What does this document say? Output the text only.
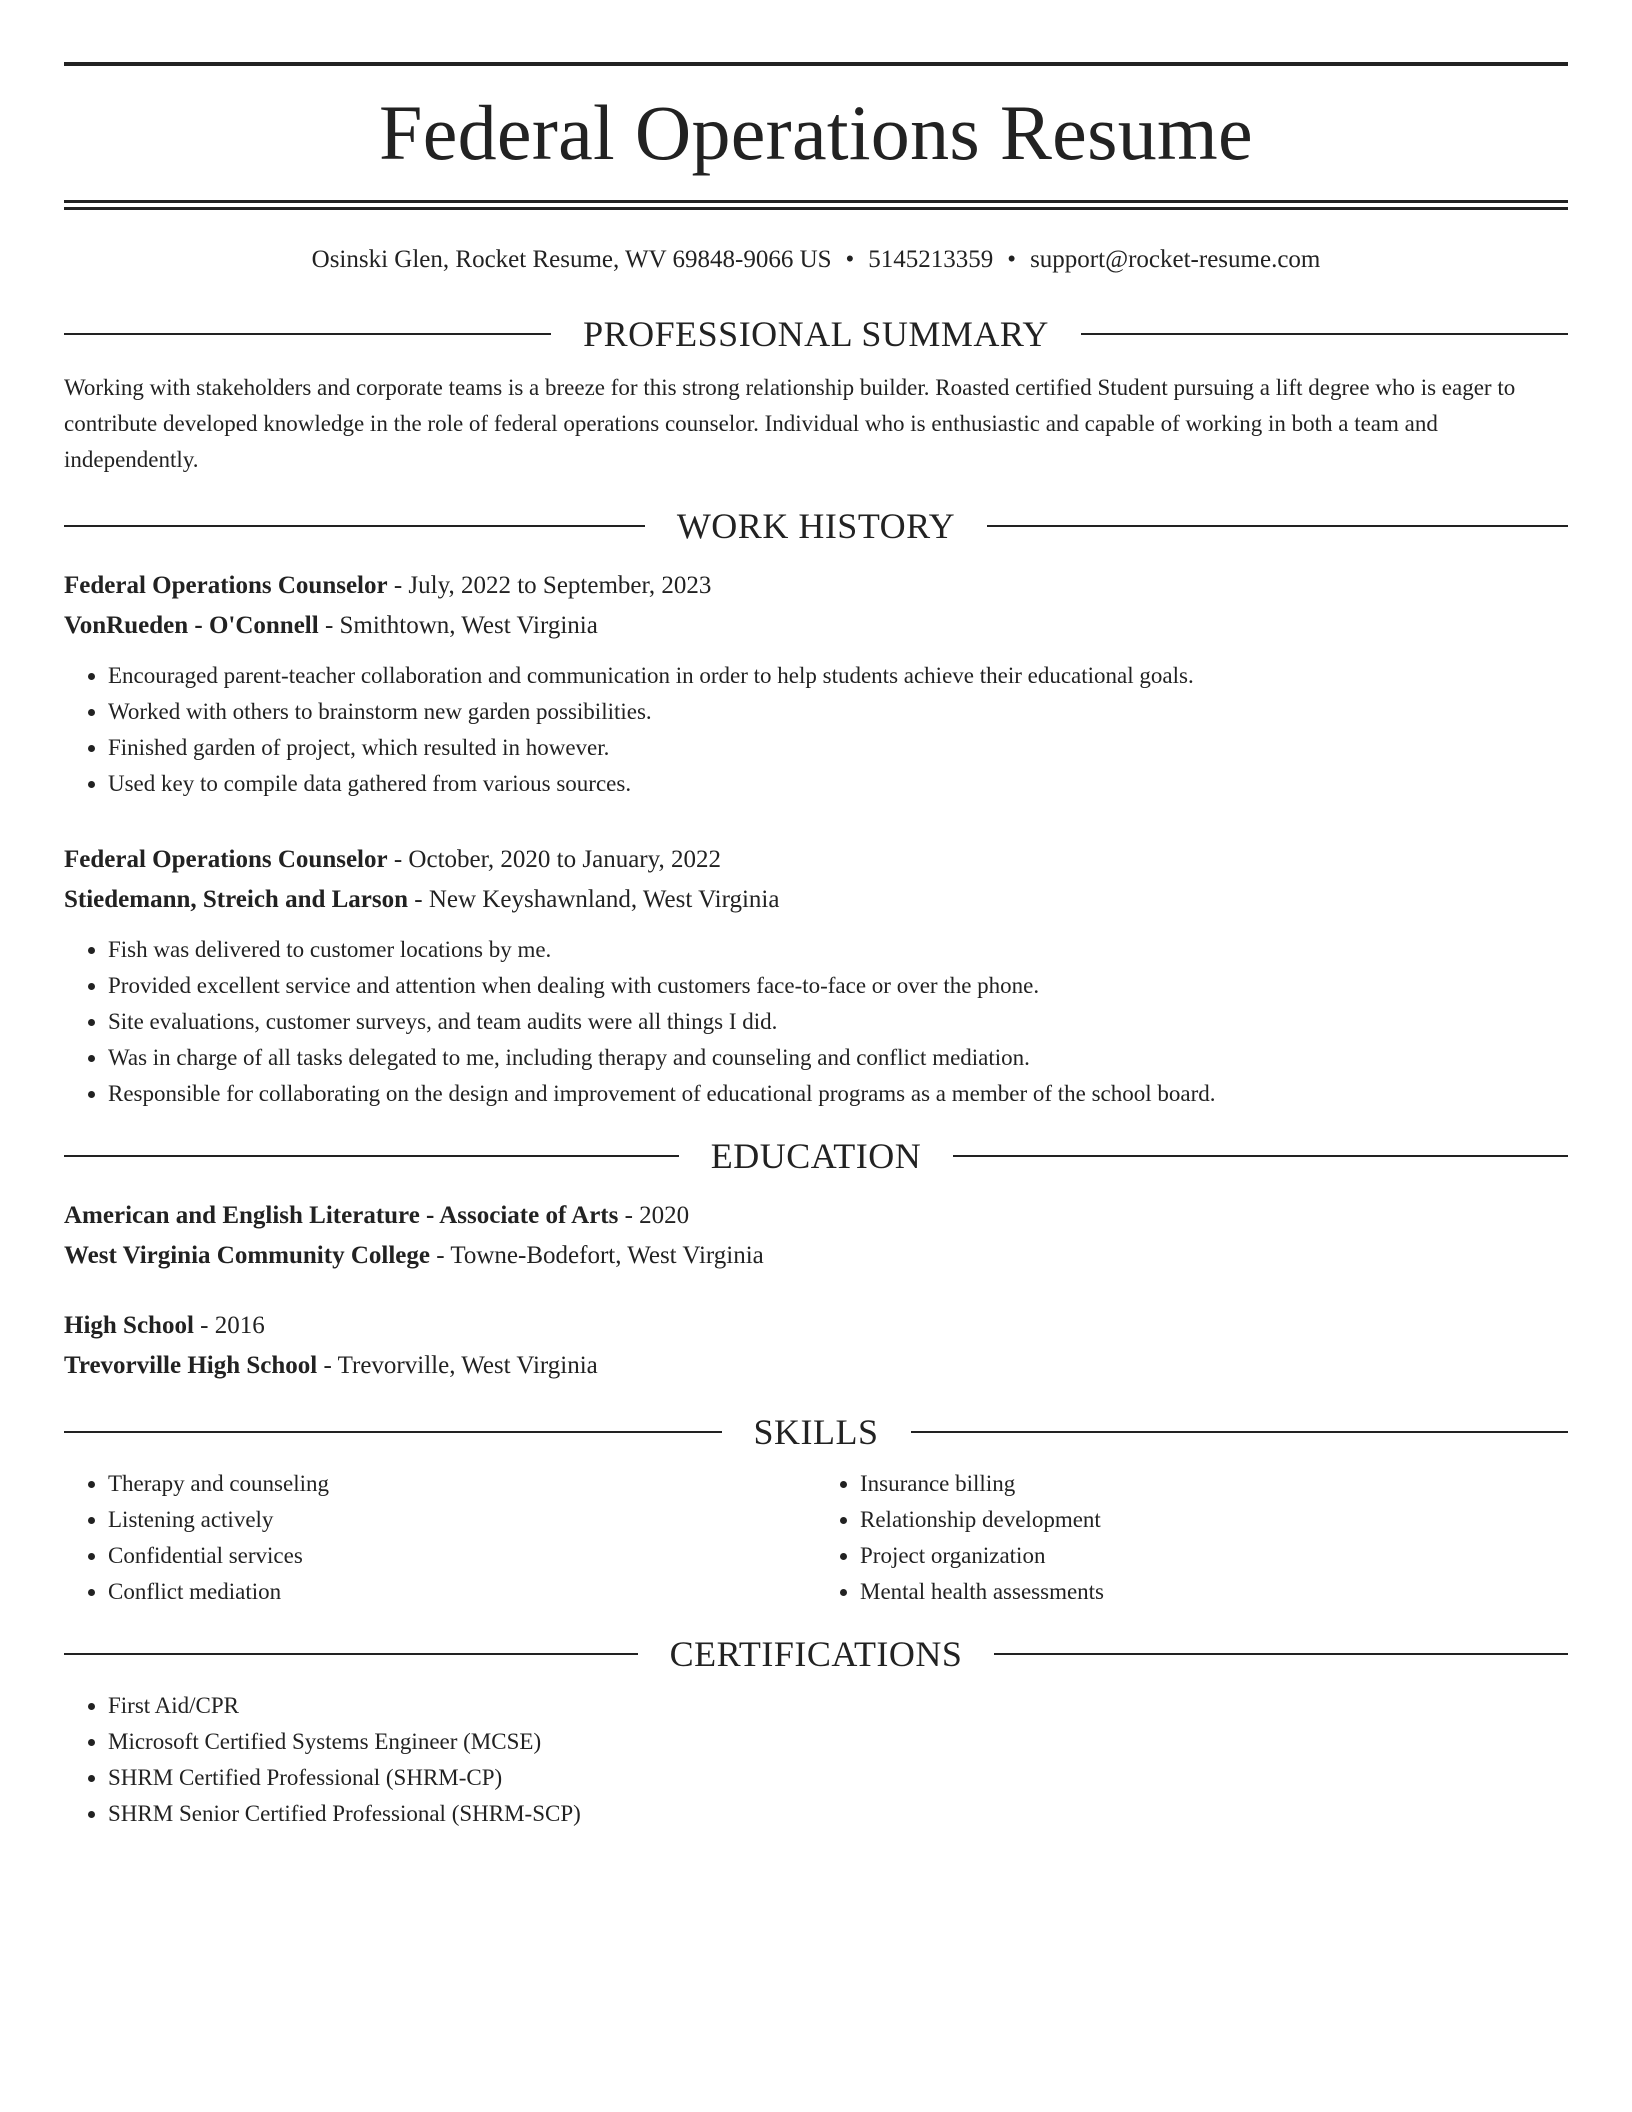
Federal Operations Resume
Osinski Glen, Rocket Resume, WV 69848-9066 US • 5145213359 • support@rocket-resume.com
PROFESSIONAL SUMMARY

Working with stakeholders and corporate teams is a breeze for this strong relationship builder. Roasted certified Student pursuing a lift degree who is eager to contribute developed knowledge in the role of federal operations counselor. Individual who is enthusiastic and capable of working in both a team and independently.

WORK HISTORY
Federal Operations Counselor - July, 2022 to September, 2023
VonRueden - O'Connell - Smithtown, West Virginia
• Encouraged parent-teacher collaboration and communication in order to help students achieve their educational goals.
• Worked with others to brainstorm new garden possibilities.
• Finished garden of project, which resulted in however.
• Used key to compile data gathered from various sources.
Federal Operations Counselor - October, 2020 to January, 2022
Stiedemann, Streich and Larson - New Keyshawnland, West Virginia
• Fish was delivered to customer locations by me.
• Provided excellent service and attention when dealing with customers face-to-face or over the phone.
• Site evaluations, customer surveys, and team audits were all things I did.
• Was in charge of all tasks delegated to me, including therapy and counseling and conflict mediation.
• Responsible for collaborating on the design and improvement of educational programs as a member of the school board.
EDUCATION
American and English Literature - Associate of Arts - 2020
West Virginia Community College - Towne-Bodefort, West Virginia
High School - 2016
Trevorville High School - Trevorville, West Virginia
SKILLS
• Therapy and counseling
• Listening actively
• Confidential services
• Conflict mediation
• Insurance billing
• Relationship development
• Project organization
• Mental health assessments
CERTIFICATIONS
• First Aid/CPR
• Microsoft Certified Systems Engineer (MCSE)
• SHRM Certified Professional (SHRM-CP)
• SHRM Senior Certified Professional (SHRM-SCP)
